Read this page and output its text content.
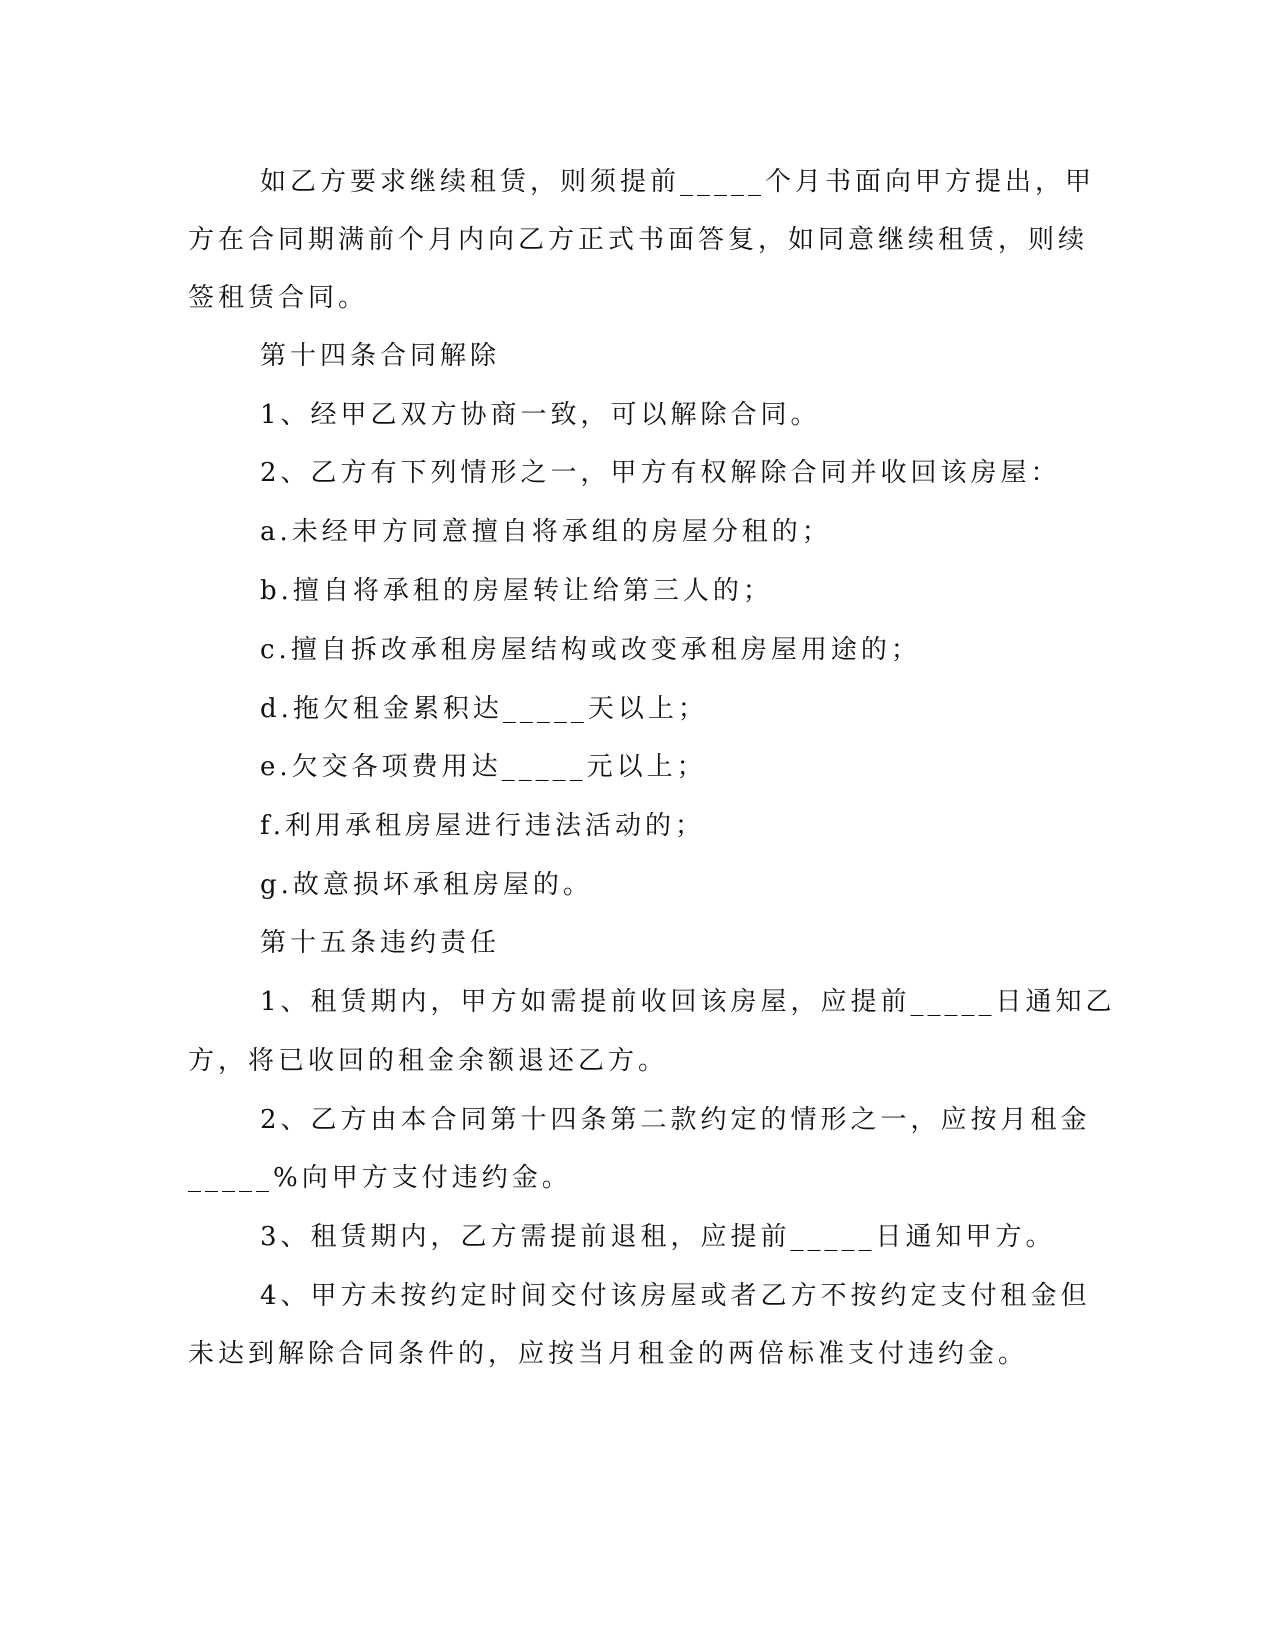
如乙方要求继续租赁，则须提前_____个月书面向甲方提出，甲
方在合同期满前个月内向乙方正式书面答复，如同意继续租赁，则续
签租赁合同。
第十四条合同解除
1、经甲乙双方协商一致，可以解除合同。
2、乙方有下列情形之一，甲方有权解除合同并收回该房屋：
a.未经甲方同意擅自将承组的房屋分租的；
b.擅自将承租的房屋转让给第三人的；
c.擅自拆改承租房屋结构或改变承租房屋用途的；
d.拖欠租金累积达_____天以上；
e.欠交各项费用达_____元以上；
f.利用承租房屋进行违法活动的；
g.故意损坏承租房屋的。
第十五条违约责任
1、租赁期内，甲方如需提前收回该房屋，应提前_____日通知乙
方，将已收回的租金余额退还乙方。
2、乙方由本合同第十四条第二款约定的情形之一，应按月租金
_____%向甲方支付违约金。
3、租赁期内，乙方需提前退租，应提前_____日通知甲方。
4、甲方未按约定时间交付该房屋或者乙方不按约定支付租金但
未达到解除合同条件的，应按当月租金的两倍标准支付违约金。
